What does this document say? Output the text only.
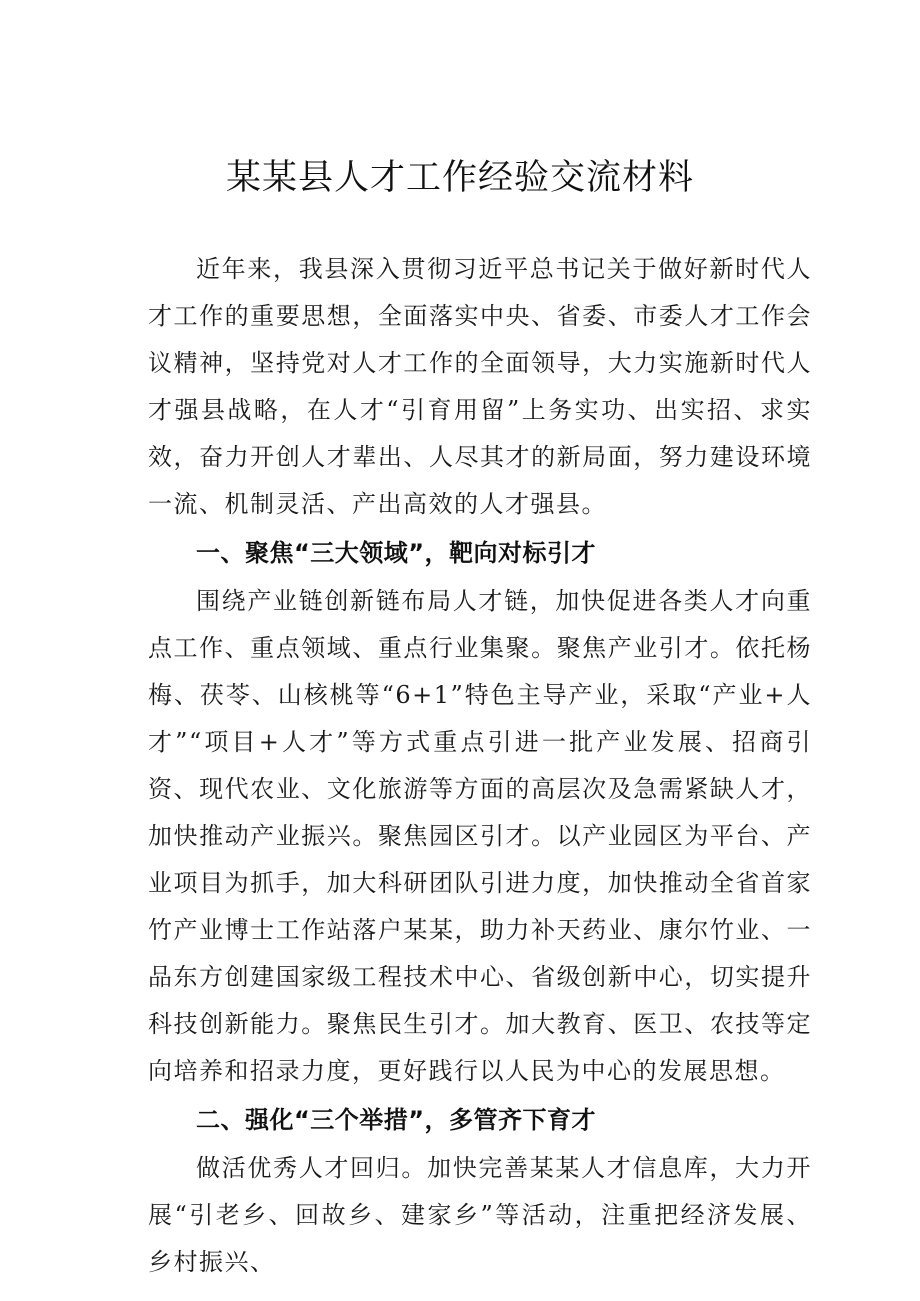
某某县人才工作经验交流材料

近年来，我县深入贯彻习近平总书记关于做好新时代人才工作的重要思想，全面落实中央、省委、市委人才工作会议精神，坚持党对人才工作的全面领导，大力实施新时代人才强县战略，在人才“引育用留”上务实功、出实招、求实效，奋力开创人才辈出、人尽其才的新局面，努力建设环境一流、机制灵活、产出高效的人才强县。

一、聚焦“三大领域”，靶向对标引才

围绕产业链创新链布局人才链，加快促进各类人才向重点工作、重点领域、重点行业集聚。聚焦产业引才。依托杨梅、茯苓、山核桃等“6+1”特色主导产业，采取“产业+人才”“项目+人才”等方式重点引进一批产业发展、招商引资、现代农业、文化旅游等方面的高层次及急需紧缺人才，加快推动产业振兴。聚焦园区引才。以产业园区为平台、产业项目为抓手，加大科研团队引进力度，加快推动全省首家竹产业博士工作站落户某某，助力补天药业、康尔竹业、一品东方创建国家级工程技术中心、省级创新中心，切实提升科技创新能力。聚焦民生引才。加大教育、医卫、农技等定向培养和招录力度，更好践行以人民为中心的发展思想。

二、强化“三个举措”，多管齐下育才

做活优秀人才回归。加快完善某某人才信息库，大力开展“引老乡、回故乡、建家乡”等活动，注重把经济发展、乡村振兴、
